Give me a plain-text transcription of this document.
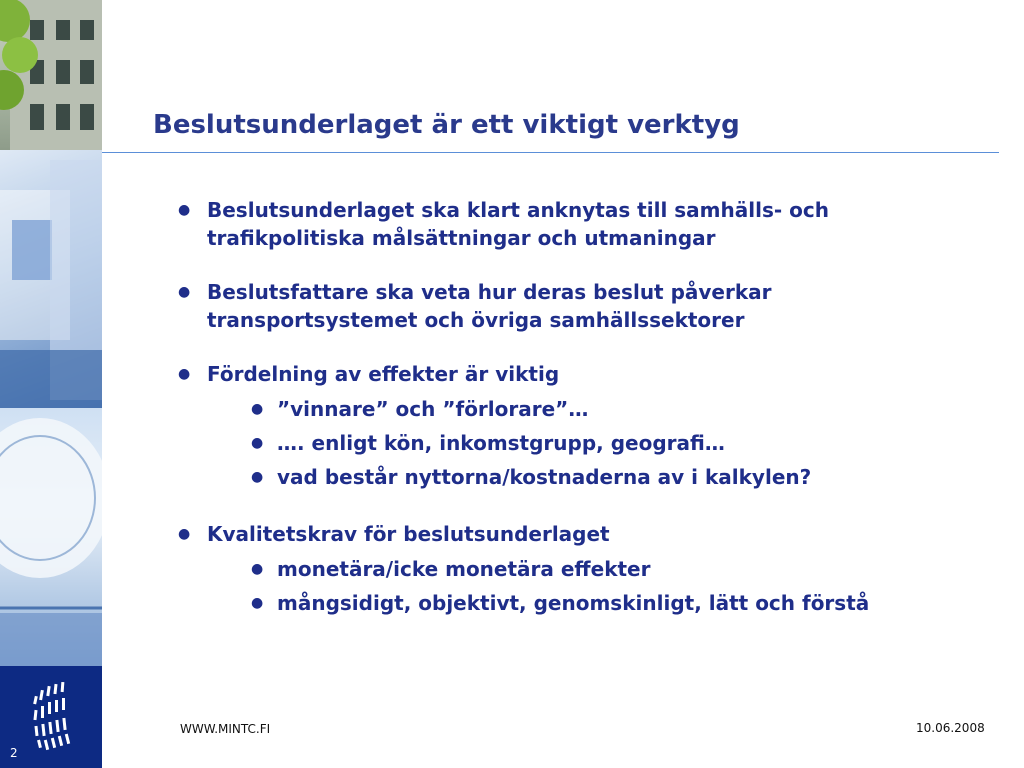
2
Beslutsunderlaget är ett viktigt verktyg
● Beslutsunderlaget ska klart anknytas till samhälls- och trafikpolitiska målsättningar och utmaningar
● Beslutsfattare ska veta hur deras beslut påverkar transportsystemet och övriga samhällssektorer
● Fördelning av effekter är viktig
● ”vinnare” och ”förlorare”…
● …. enligt kön, inkomstgrupp, geografi…
● vad består nyttorna/kostnaderna av i kalkylen?
● Kvalitetskrav för beslutsunderlaget
● monetära/icke monetära effekter
● mångsidigt, objektivt, genomskinligt, lätt och förstå
WWW.MINTC.FI	10.06.2008
